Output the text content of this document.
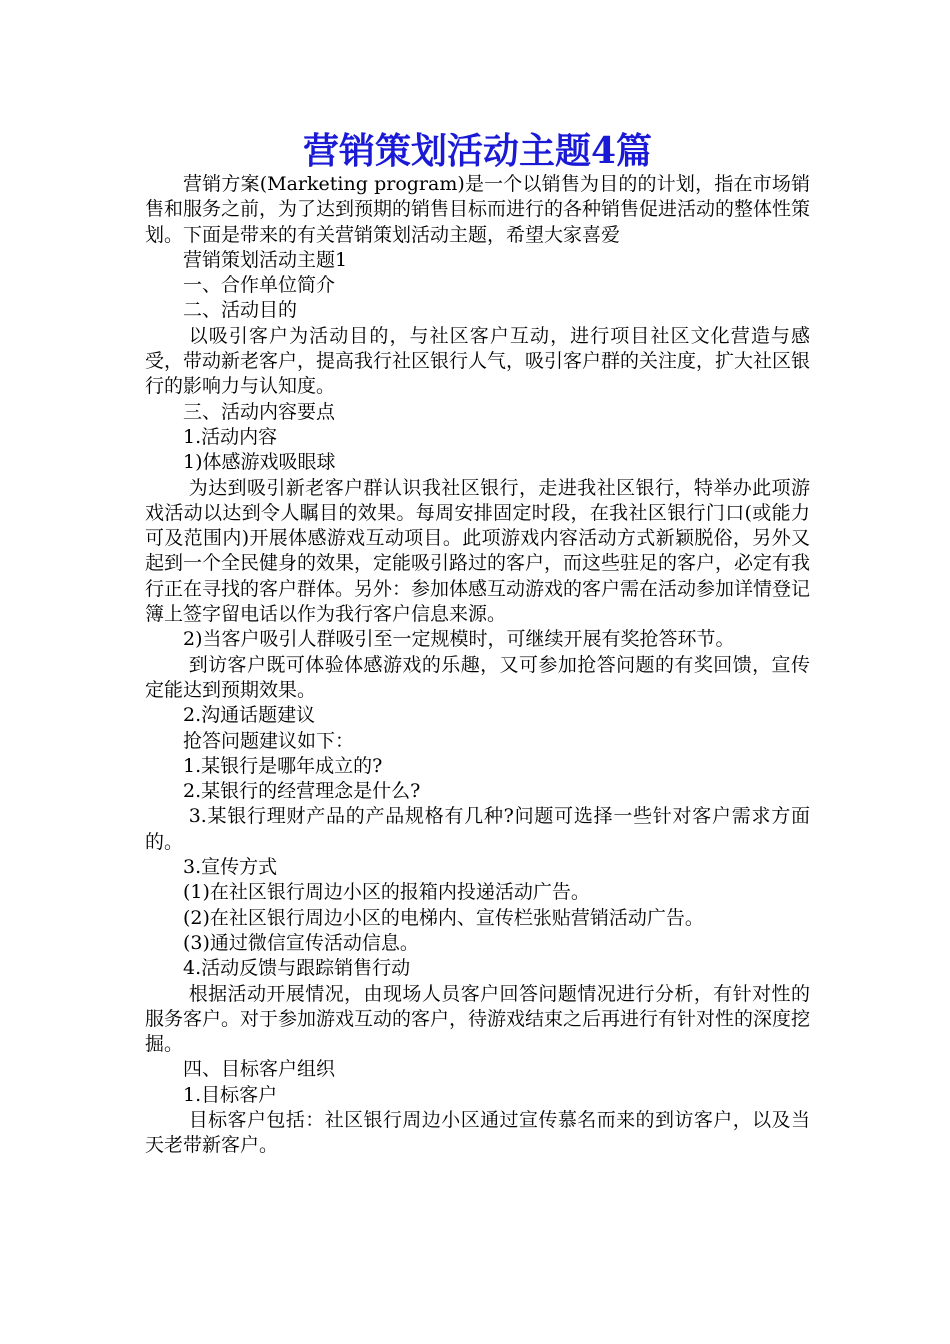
营销策划活动主题4篇

营销方案(Marketing program)是一个以销售为目的的计划，指在市场销售和服务之前，为了达到预期的销售目标而进行的各种销售促进活动的整体性策划。下面是带来的有关营销策划活动主题，希望大家喜爱

营销策划活动主题1

一、合作单位简介

二、活动目的

以吸引客户为活动目的，与社区客户互动，进行项目社区文化营造与感受，带动新老客户，提高我行社区银行人气，吸引客户群的关注度，扩大社区银行的影响力与认知度。

三、活动内容要点

1.活动内容

1)体感游戏吸眼球

为达到吸引新老客户群认识我社区银行，走进我社区银行，特举办此项游戏活动以达到令人瞩目的效果。每周安排固定时段，在我社区银行门口(或能力可及范围内)开展体感游戏互动项目。此项游戏内容活动方式新颖脱俗，另外又起到一个全民健身的效果，定能吸引路过的客户，而这些驻足的客户，必定有我行正在寻找的客户群体。另外：参加体感互动游戏的客户需在活动参加详情登记簿上签字留电话以作为我行客户信息来源。

2)当客户吸引人群吸引至一定规模时，可继续开展有奖抢答环节。

到访客户既可体验体感游戏的乐趣，又可参加抢答问题的有奖回馈，宣传定能达到预期效果。

2.沟通话题建议

抢答问题建议如下：

1.某银行是哪年成立的?

2.某银行的经营理念是什么?

3.某银行理财产品的产品规格有几种?问题可选择一些针对客户需求方面的。

3.宣传方式

(1)在社区银行周边小区的报箱内投递活动广告。

(2)在社区银行周边小区的电梯内、宣传栏张贴营销活动广告。

(3)通过微信宣传活动信息。

4.活动反馈与跟踪销售行动

根据活动开展情况，由现场人员客户回答问题情况进行分析，有针对性的服务客户。对于参加游戏互动的客户，待游戏结束之后再进行有针对性的深度挖掘。

四、目标客户组织

1.目标客户

目标客户包括：社区银行周边小区通过宣传慕名而来的到访客户，以及当天老带新客户。
